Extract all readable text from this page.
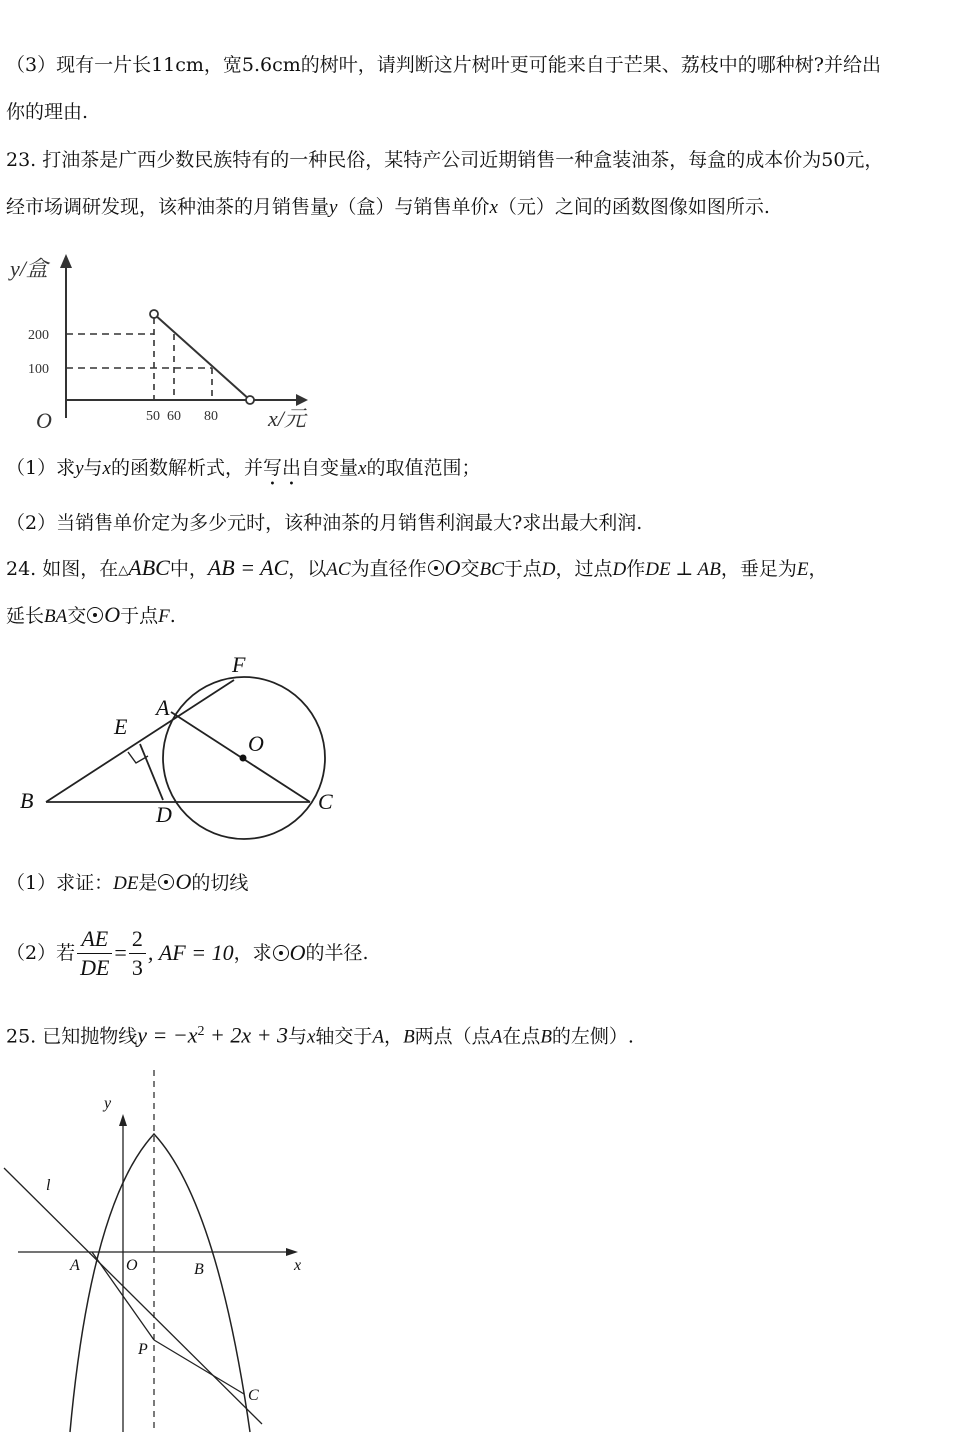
（3）现有一片长11cm，宽5.6cm的树叶，请判断这片树叶更可能来自于芒果、荔枝中的哪种树?并给出
你的理由.
23. 打油茶是广西少数民族特有的一种民俗，某特产公司近期销售一种盒装油茶，每盒的成本价为50元，
经市场调研发现，该种油茶的月销售量y（盒）与销售单价x（元）之间的函数图像如图所示.
y/盒
200
100
O	50 60 80 x/元
（1）求y与x的函数解析式，并写出自变量x的取值范围；
（2）当销售单价定为多少元时，该种油茶的月销售利润最大?求出最大利润.
24. 如图，在△ABC中，AB = AC，以AC为直径作 O交BC于点D，过点D作DE ⊥ AB，垂足为E，
延长BA交 O于点F.
F
A
E
O
B
D
C
（1）求证：DE是 O的切线
（2）若 $\frac{AE}{DE} = \frac{2}{3}$ , AF = 10，求 O的半径.
25. 已知抛物线$y = -x^2 + 2x + 3$与x轴交于A，B两点（点A在点B的左侧）.
y
l
A	O	B	x
P
C
